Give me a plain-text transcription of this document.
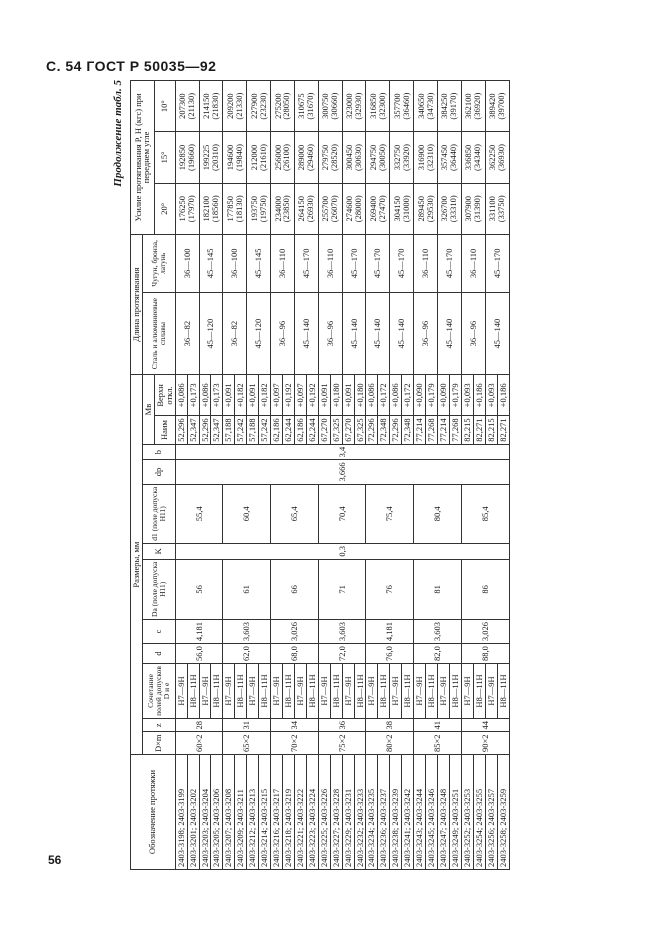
С. 54 ГОСТ Р 50035—92
Продолжение табл. 5
Обозначение протяжки	Размеры, мм												Длина протягивания		Усилие протягивания P, Н (кгс) при переднем угле		
	D×m	z	Сочетание полей допусков D и e	d	c	Da (поле допуска H11)	K	d1 (поле допуска H11)	dp	b	Mв		Сталь и алюминиевые сплавы	Чугун, бронза, латунь			
											Наим	Верхн откл.			20°	15°	10°
2403-3198; 2403-3199	60×2	28	H7—9H	56,0	4,181	56	0,3	55,4	3,666	3,4	52,296	+0,086	36—82	36—100	176250 (17970)	192850 (19660)	207300 (21130)
2403-3201; 2403-3202			H8—11H								52,347	+0,173					
2403-3203; 2403-3204			H7—9H								52,296	+0,086	45—120	45—145	182100 (18560)	199225 (20310)	214150 (21830)
2403-3205; 2403-3206			H8—11H								52,347	+0,173					
2403-3207; 2403-3208	65×2	31	H7—9H	62,0	3,603	61		60,4			57,188	+0,091	36—82	36—100	177850 (18130)	194600 (19840)	209200 (21330)
2403-3209; 2403-3211			H8—11H								57,242	+0,182					
2403-3212; 2403-3213			H7—9H								57,188	+0,091	45—120	45—145	193750 (19750)	212000 (21610)	227900 (23230)
2403-3214; 2403-3215			H8—11H								57,242	+0,182					
2403-3216; 2403-3217	70×2	34	H7—9H	68,0	3,026	66		65,4			62,186	+0,097	36—96	36—110	234000 (23850)	256000 (26100)	275200 (28050)
2403-3218; 2403-3219			H8—11H								62,244	+0,192					
2403-3221; 2403-3222			H7—9H								62,186	+0,097	45—140	45—170	264150 (26930)	289000 (29460)	310675 (31670)
2403-3223; 2403-3224			H8—11H								62,244	+0,192					
2403-3225; 2403-3226	75×2	36	H7—9H	72,0	3,603	71		70,4			67,270	+0,091	36—96	36—110	255700 (26070)	279750 (28520)	300750 (30660)
2403-3227; 2403-3228			H8—11H								67,325	+0,180					
2403-3229; 2403-3231			H7—9H								67,270	+0,091	45—140	45—170	274600 (28000)	300450 (30630)	323000 (32930)
2403-3232; 2403-3233			H8—11H								67,325	+0,180					
2403-3234; 2403-3235	80×2	38	H7—9H	76,0	4,181	76		75,4			72,296	+0,086	45—140	45—170	269400 (27470)	294750 (30050)	316850 (32300)
2403-3236; 2403-3237			H8—11H								72,348	+0,172					
2403-3238; 2403-3239			H7—9H								72,296	+0,086	45—140	45—170	304150 (31000)	332750 (33920)	357700 (36460)
2403-3241; 2403-3242			H8—11H								72,348	+0,172					
2403-3243; 2403-3244	85×2	41	H7—9H	82,0	3,603	81		80,4			77,214	+0,090	36—96	36—110	289450 (29530)	316900 (32310)	340650 (34730)
2403-3245; 2403-3246			H8—11H								77,268	+0,179					
2403-3247; 2403-3248			H7—9H								77,214	+0,090	45—140	45—170	326700 (33310)	357450 (36440)	384250 (39170)
2403-3249; 2403-3251			H8—11H								77,268	+0,179					
2403-3252; 2403-3253	90×2	44	H7—9H	88,0	3,026	86		85,4			82,215	+0,093	36—96	36—110	307900 (31390)	336850 (34340)	362100 (36920)
2403-3254; 2403-3255			H8—11H								82,271	+0,186					
2403-3256; 2403-3257			H7—9H								82,215	+0,093	45—140	45—170	331100 (33750)	362250 (36930)	389420 (39700)
2403-3258; 2403-3259			H8—11H								82,271	+0,186					
56
